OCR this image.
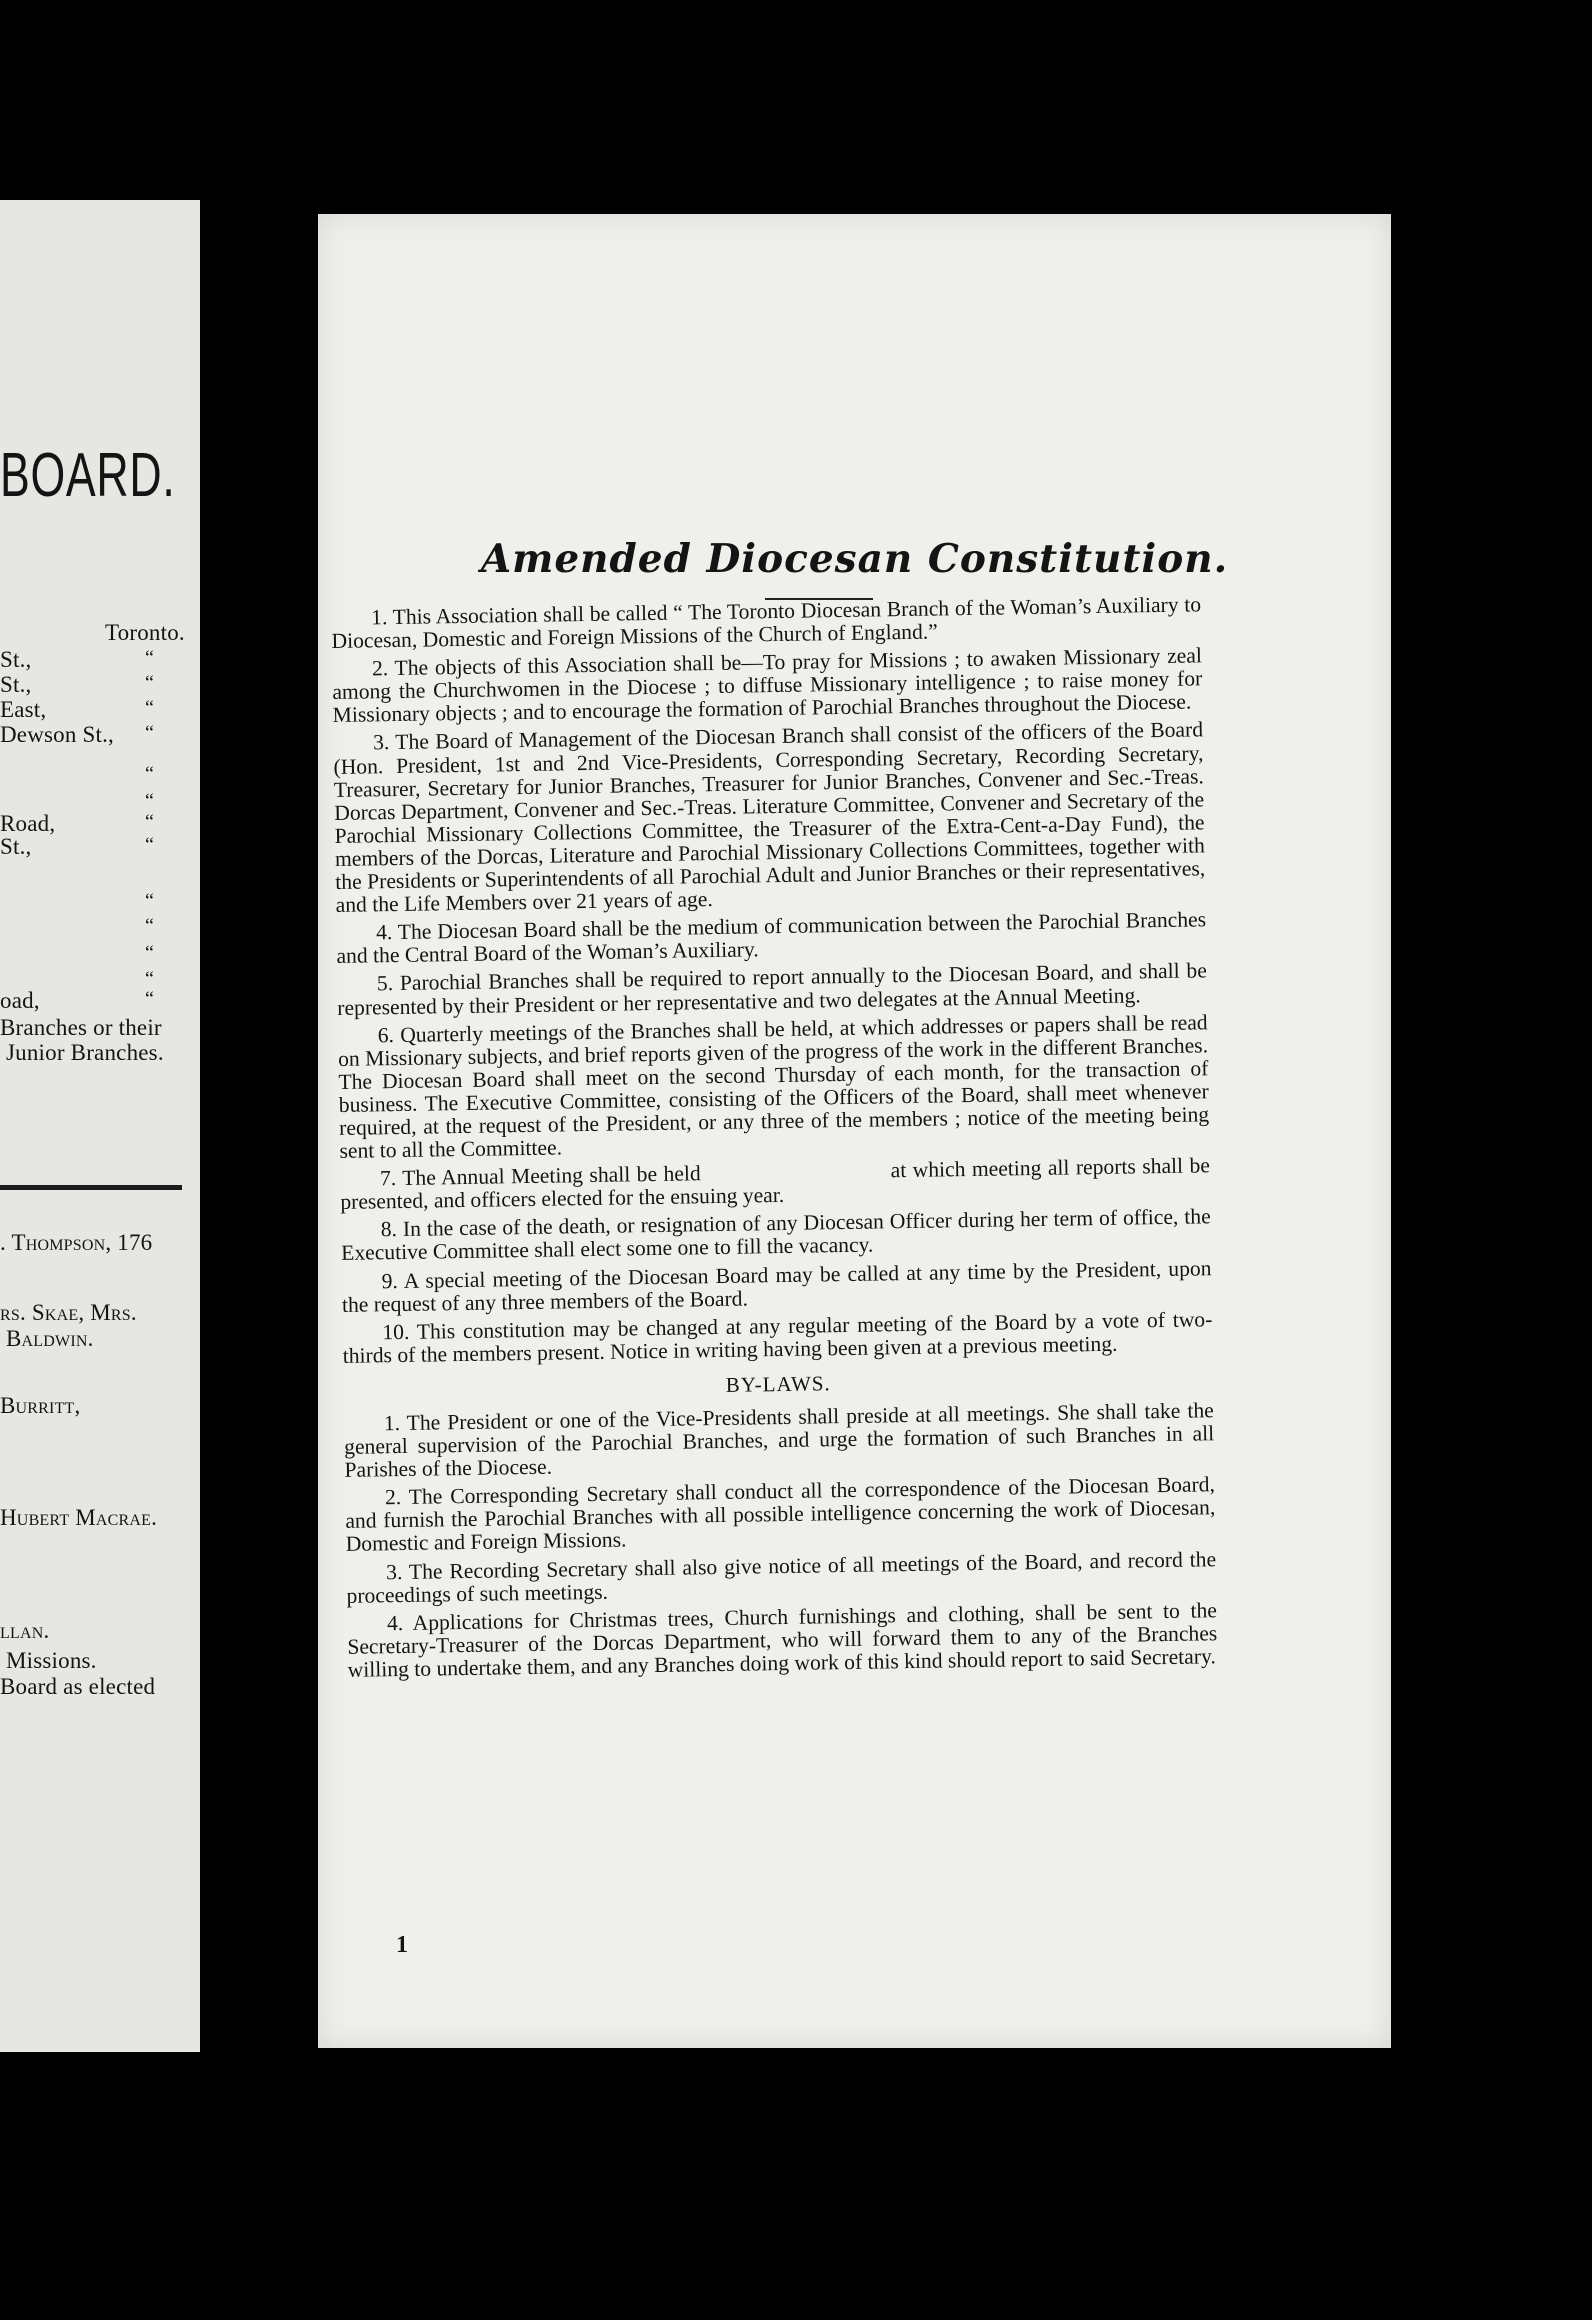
BOARD.
Toronto.
St.,	“
St.,	“
East,	“
Dewson St., “
“
“
Road,	“
St.,	“
“
“
“
“
oad,	“
Branches or their
Junior Branches.
. Thompson, 176
rs. Skae, Mrs.
Baldwin.
Burritt,
Hubert Macrae.
llan.
Missions.
Board as elected
Amended Diocesan Constitution.

1. This Association shall be called “ The Toronto Diocesan Branch of the Woman’s Auxiliary to Diocesan, Domestic and Foreign Missions of the Church of England.”

2. The objects of this Association shall be—To pray for Missions ; to awaken Missionary zeal among the Churchwomen in the Diocese ; to diffuse Missionary intelligence ; to raise money for Missionary objects ; and to encourage the formation of Parochial Branches throughout the Diocese.

3. The Board of Management of the Diocesan Branch shall consist of the officers of the Board (Hon. President, 1st and 2nd Vice-Presidents, Corresponding Secretary, Recording Secretary, Treasurer, Secretary for Junior Branches, Treasurer for Junior Branches, Convener and Sec.-Treas. Dorcas Department, Convener and Sec.-Treas. Literature Committee, Convener and Secretary of the Parochial Missionary Collections Committee, the Treasurer of the Extra-Cent-a-Day Fund), the members of the Dorcas, Literature and Parochial Missionary Collections Committees, together with the Presidents or Superintendents of all Parochial Adult and Junior Branches or their representatives, and the Life Members over 21 years of age.

4. The Diocesan Board shall be the medium of communication between the Parochial Branches and the Central Board of the Woman’s Auxiliary.

5. Parochial Branches shall be required to report annually to the Diocesan Board, and shall be represented by their President or her representative and two delegates at the Annual Meeting.

6. Quarterly meetings of the Branches shall be held, at which addresses or papers shall be read on Missionary subjects, and brief reports given of the progress of the work in the different Branches. The Diocesan Board shall meet on the second Thursday of each month, for the transaction of business. The Executive Committee, consisting of the Officers of the Board, shall meet whenever required, at the request of the President, or any three of the members ; notice of the meeting being sent to all the Committee.

7. The Annual Meeting shall be held	at which meeting all reports shall be presented, and officers elected for the ensuing year.

8. In the case of the death, or resignation of any Diocesan Officer during her term of office, the Executive Committee shall elect some one to fill the vacancy.

9. A special meeting of the Diocesan Board may be called at any time by the President, upon the request of any three members of the Board.

10. This constitution may be changed at any regular meeting of the Board by a vote of two-thirds of the members present. Notice in writing having been given at a previous meeting.

BY-LAWS.

1. The President or one of the Vice-Presidents shall preside at all meetings. She shall take the general supervision of the Parochial Branches, and urge the formation of such Branches in all Parishes of the Diocese.

2. The Corresponding Secretary shall conduct all the correspondence of the Diocesan Board, and furnish the Parochial Branches with all possible intelligence concerning the work of Diocesan, Domestic and Foreign Missions.

3. The Recording Secretary shall also give notice of all meetings of the Board, and record the proceedings of such meetings.

4. Applications for Christmas trees, Church furnishings and clothing, shall be sent to the Secretary-Treasurer of the Dorcas Department, who will forward them to any of the Branches willing to undertake them, and any Branches doing work of this kind should report to said Secretary.

1
